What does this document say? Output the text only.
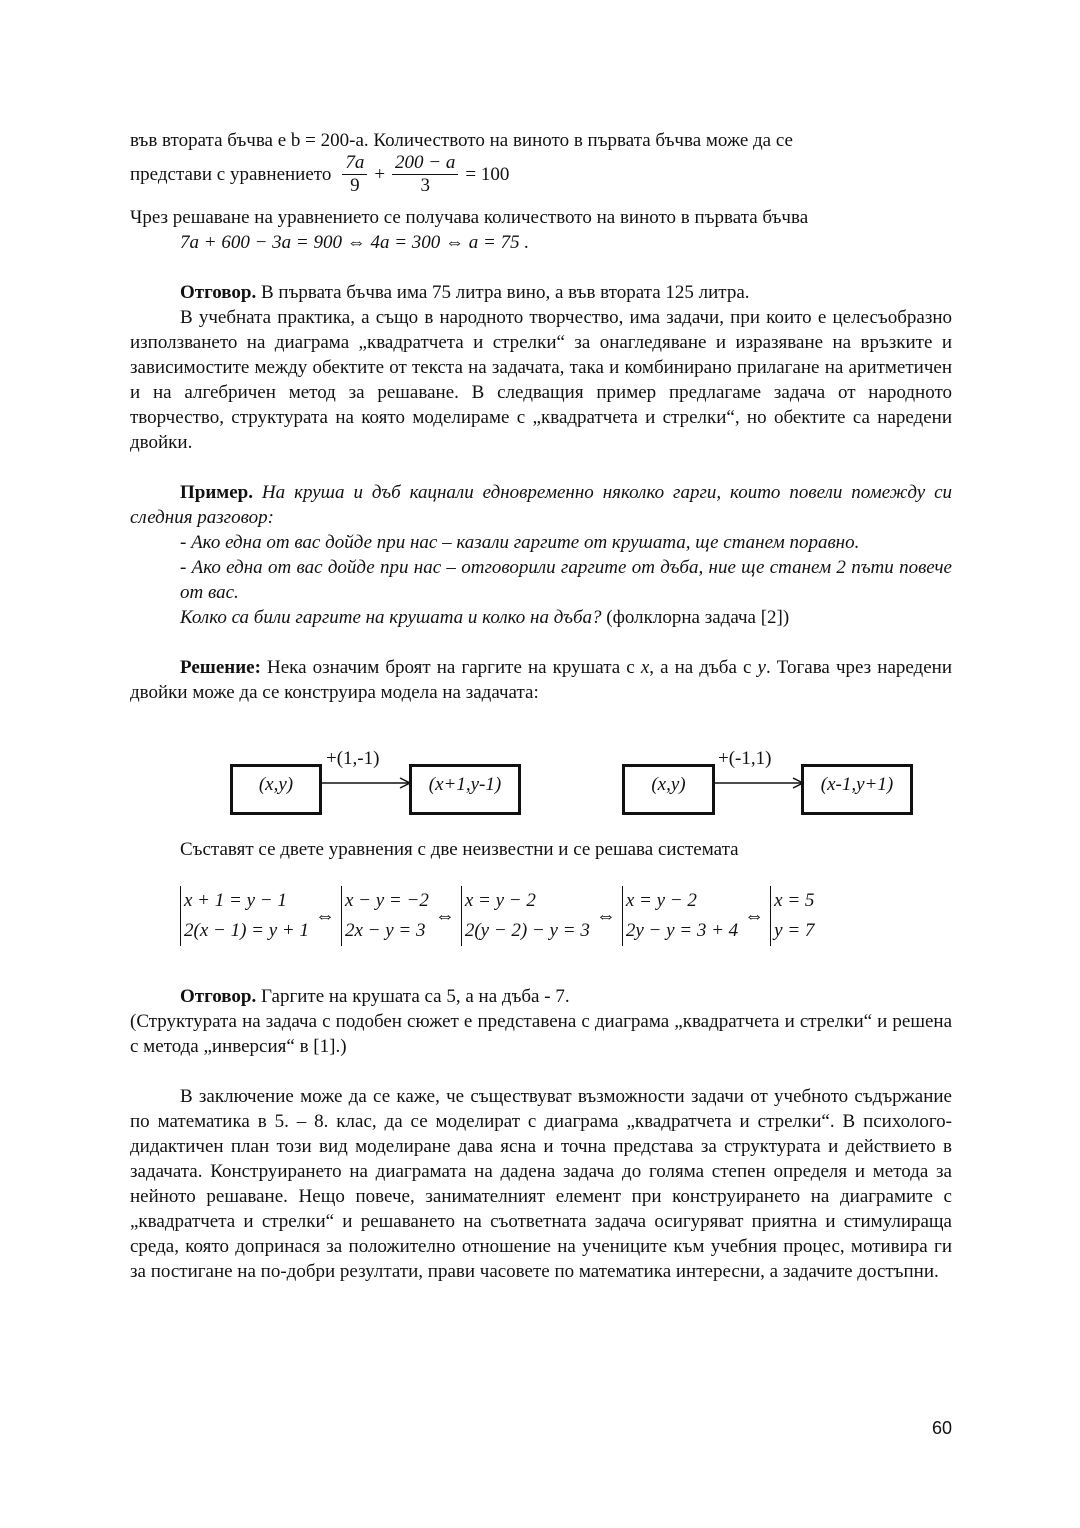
във втората бъчва е b = 200-a. Количеството на виното в първата бъчва може да се

представи с уравнението $\frac{7a}{9} + \frac{200 - a}{3} = 100$

Чрез решаване на уравнението се получава количеството на виното в първата бъчва

7a + 600 − 3a = 900 ⇔ 4a = 300 ⇔ a = 75 .

Отговор. В първата бъчва има 75 литра вино, а във втората 125 литра.

В учебната практика, а също в народното творчество, има задачи, при които е целесъобразно използването на диаграма „квадратчета и стрелки“ за онагледяване и изразяване на връзките и зависимостите между обектите от текста на задачата, така и комбинирано прилагане на аритметичен и на алгебричен метод за решаване. В следващия пример предлагаме задача от народното творчество, структурата на която моделираме с „квадратчета и стрелки“, но обектите са наредени двойки.

Пример. На круша и дъб кацнали едновременно няколко гарги, които повели помежду си следния разговор:

- Ако една от вас дойде при нас – казали гаргите от крушата, ще станем поравно.

- Ако една от вас дойде при нас – отговорили гаргите от дъба, ние ще станем 2 пъти повече от вас.

Колко са били гаргите на крушата и колко на дъба? (фолклорна задача [2])

Решение: Нека означим броят на гаргите на крушата с x, а на дъба с y. Тогава чрез наредени двойки може да се конструира модела на задачата:

(x,y)
+(1,-1)
(x+1,y-1)	(x,y)
+(-1,1)
(x-1,y+1)

Съставят се двете уравнения с две неизвестни и се решава системата

x + 1 = y − 1
2(x − 1) = y + 1
⇔
x − y = −2
2x − y = 3
⇔
x = y − 2
2(y − 2) − y = 3
⇔
x = y − 2
2y − y = 3 + 4
⇔
x = 5
y = 7

Отговор. Гаргите на крушата са 5, а на дъба - 7.

(Структурата на задача с подобен сюжет е представена с диаграма „квадратчета и стрелки“ и решена с метода „инверсия“ в [1].)

В заключение може да се каже, че съществуват възможности задачи от учебното съдържание по математика в 5. – 8. клас, да се моделират с диаграма „квадратчета и стрелки“. В психолого-дидактичен план този вид моделиране дава ясна и точна представа за структурата и действието в задачата. Конструирането на диаграмата на дадена задача до голяма степен определя и метода за нейното решаване. Нещо повече, занимателният елемент при конструирането на диаграмите с „квадратчета и стрелки“ и решаването на съответната задача осигуряват приятна и стимулираща среда, която допринася за положително отношение на учениците към учебния процес, мотивира ги за постигане на по-добри резултати, прави часовете по математика интересни, а задачите достъпни.

60
